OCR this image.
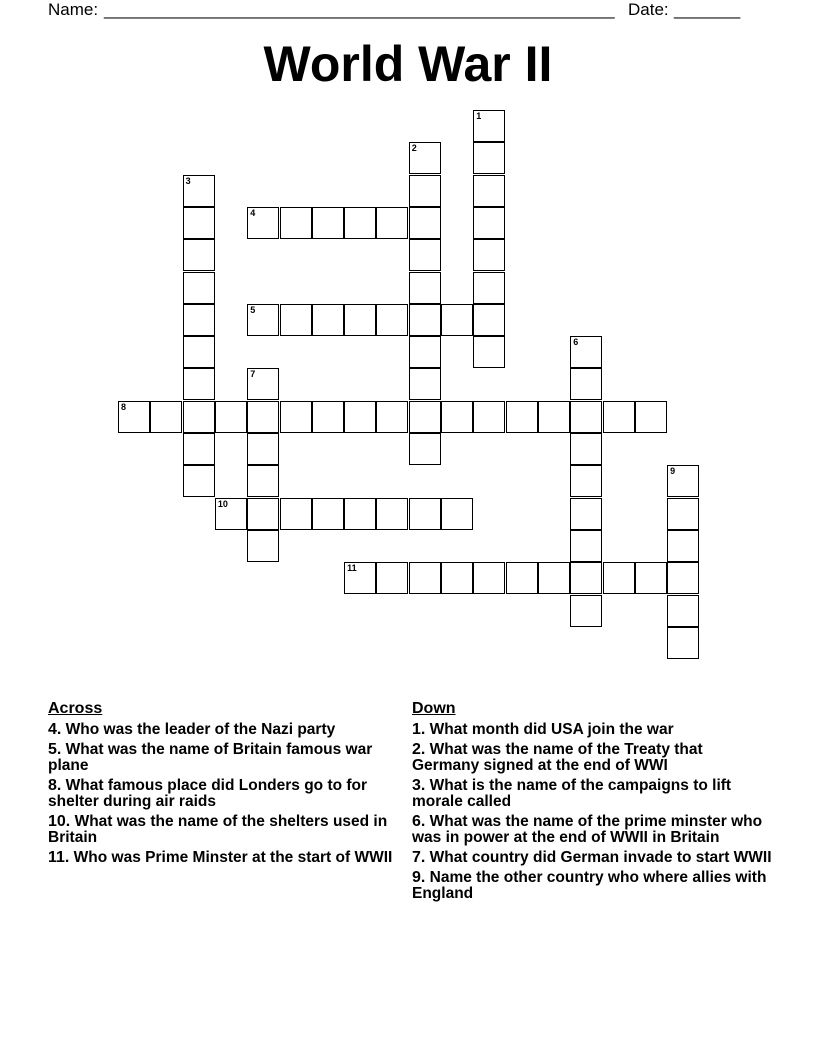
Name: ______________________________________________________ Date: _______
World War II
1
2
3
4
5
6
7
8
9
10
11
Across
4. Who was the leader of the Nazi party
5. What was the name of Britain famous war plane
8. What famous place did Londers go to for shelter during air raids
10. What was the name of the shelters used in Britain
11. Who was Prime Minster at the start of WWII
Down
1. What month did USA join the war
2. What was the name of the Treaty that Germany signed at the end of WWI
3. What is the name of the campaigns to lift morale called
6. What was the name of the prime minster who was in power at the end of WWII in Britain
7. What country did German invade to start WWII
9. Name the other country who where allies with England
